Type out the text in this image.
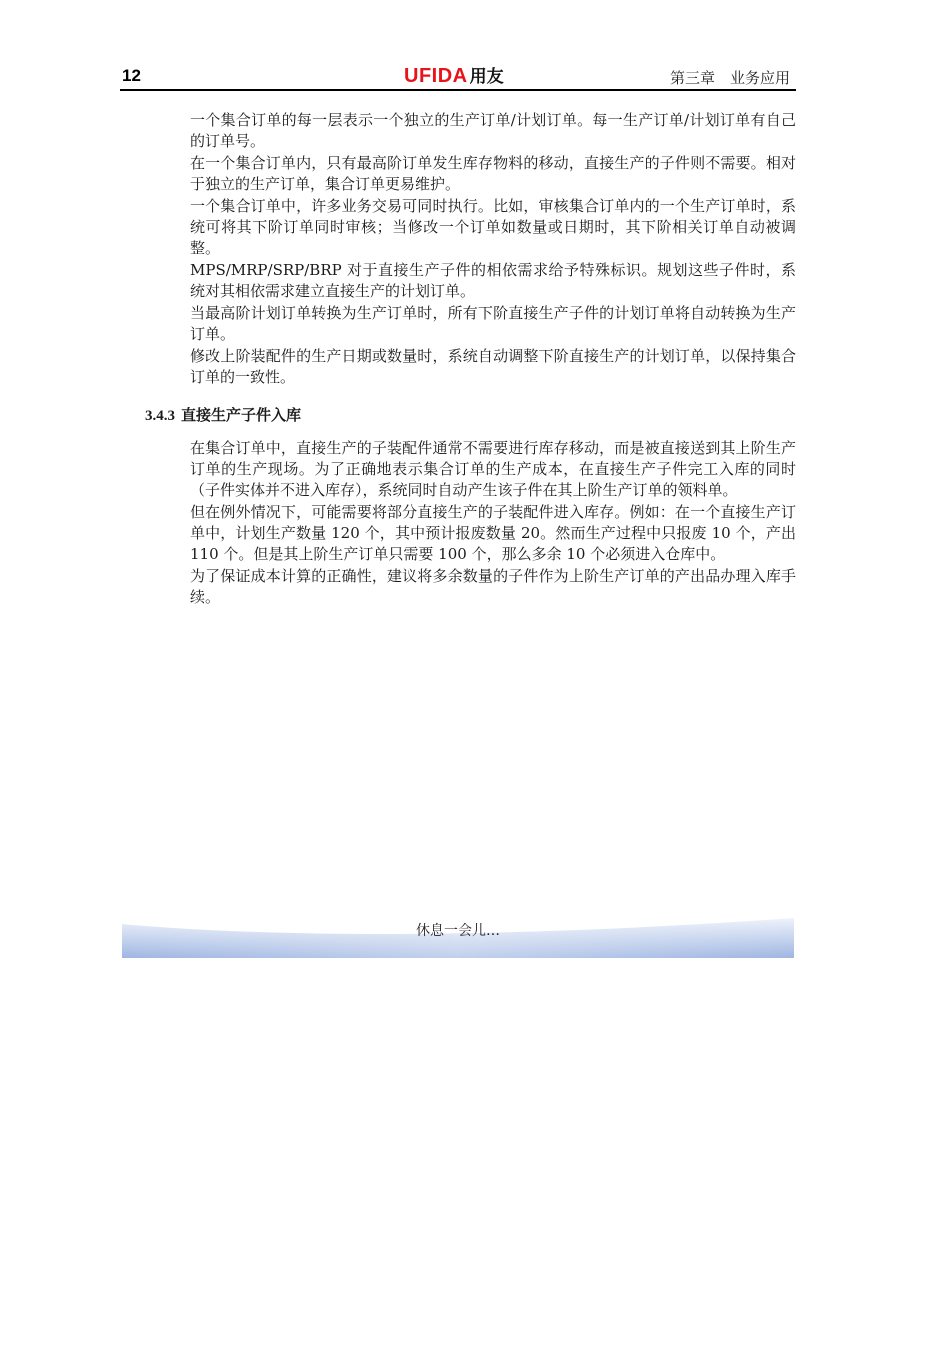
12	UFIDA 用友	第三章　业务应用

一个集合订单的每一层表示一个独立的生产订单/计划订单。每一生产订单/计划订单有自己的订单号。

在一个集合订单内，只有最高阶订单发生库存物料的移动，直接生产的子件则不需要。相对于独立的生产订单，集合订单更易维护。

一个集合订单中，许多业务交易可同时执行。比如，审核集合订单内的一个生产订单时，系统可将其下阶订单同时审核；当修改一个订单如数量或日期时，其下阶相关订单自动被调整。

MPS/MRP/SRP/BRP 对于直接生产子件的相依需求给予特殊标识。规划这些子件时，系统对其相依需求建立直接生产的计划订单。

当最高阶计划订单转换为生产订单时，所有下阶直接生产子件的计划订单将自动转换为生产订单。

修改上阶装配件的生产日期或数量时，系统自动调整下阶直接生产的计划订单，以保持集合订单的一致性。

3.4.3 直接生产子件入库

在集合订单中，直接生产的子装配件通常不需要进行库存移动，而是被直接送到其上阶生产订单的生产现场。为了正确地表示集合订单的生产成本，在直接生产子件完工入库的同时（子件实体并不进入库存），系统同时自动产生该子件在其上阶生产订单的领料单。

但在例外情况下，可能需要将部分直接生产的子装配件进入库存。例如：在一个直接生产订单中，计划生产数量 120 个，其中预计报废数量 20。然而生产过程中只报废 10 个，产出 110 个。但是其上阶生产订单只需要 100 个，那么多余 10 个必须进入仓库中。

为了保证成本计算的正确性，建议将多余数量的子件作为上阶生产订单的产出品办理入库手续。

休息一会儿…
